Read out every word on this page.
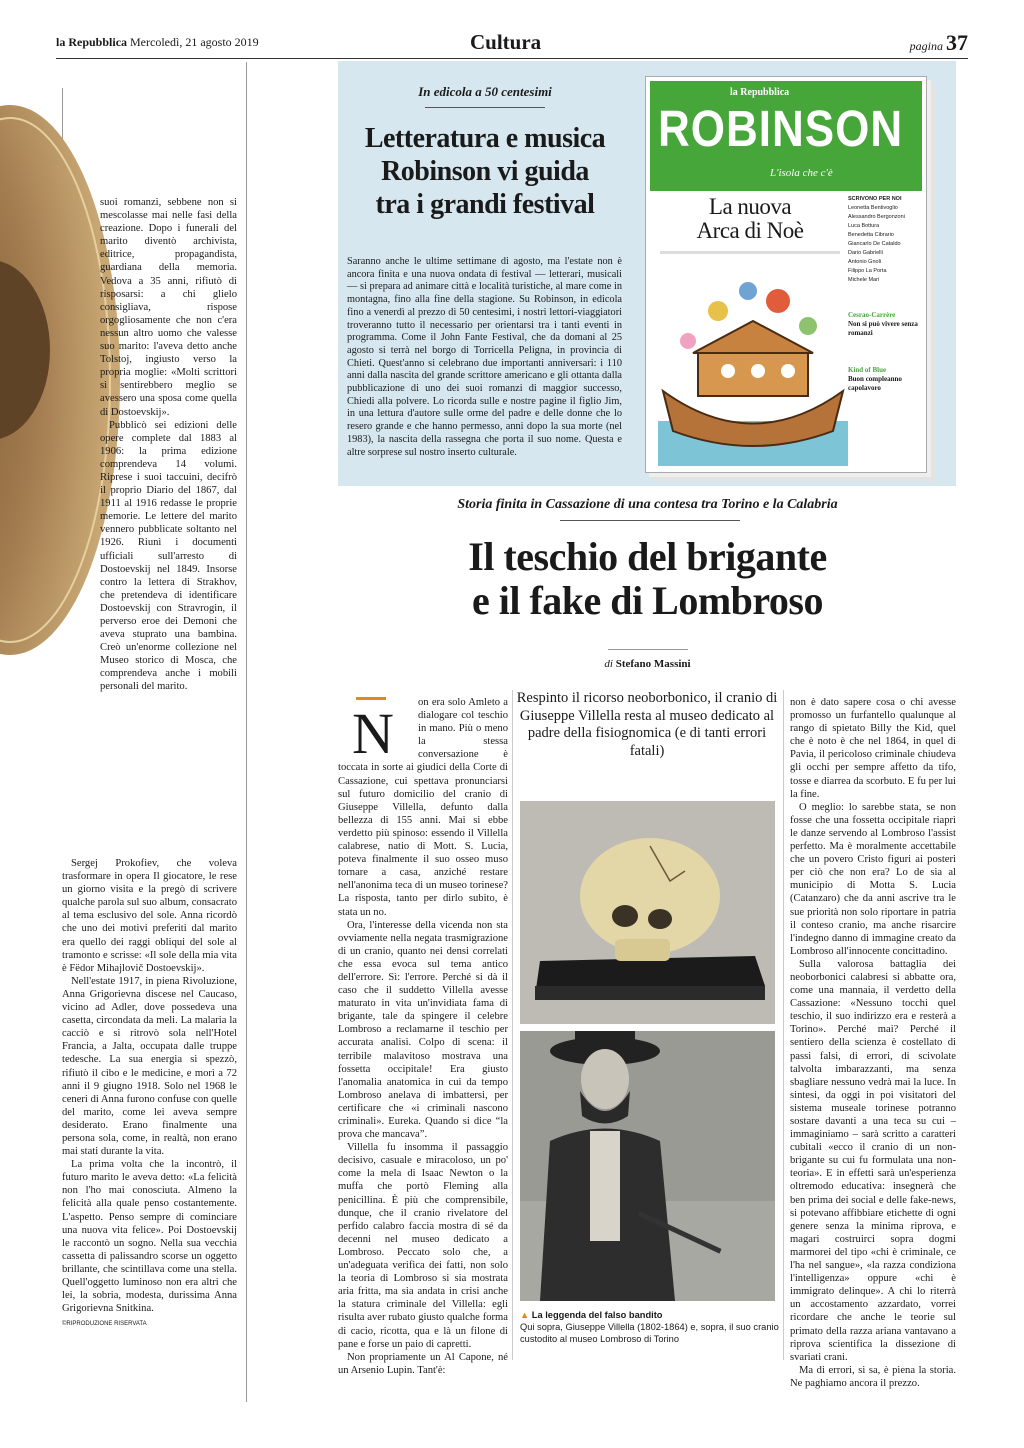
la Repubblica Mercoledì, 21 agosto 2019	Cultura	pagina 37

suoi romanzi, sebbene non si mescolasse mai nelle fasi della creazione. Dopo i funerali del marito diventò archivista, editrice, propagandista, guardiana della memoria. Vedova a 35 anni, rifiutò di risposarsi: a chi glielo consigliava, rispose orgogliosamente che non c'era nessun altro uomo che valesse suo marito: l'aveva detto anche Tolstoj, ingiusto verso la propria moglie: «Molti scrittori si sentirebbero meglio se avessero una sposa come quella di Dostoevskij».

Pubblicò sei edizioni delle opere complete dal 1883 al 1906: la prima edizione comprendeva 14 volumi. Riprese i suoi taccuini, decifrò il proprio Diario del 1867, dal 1911 al 1916 redasse le proprie memorie. Le lettere del marito vennero pubblicate soltanto nel 1926. Riunì i documenti ufficiali sull'arresto di Dostoevskij nel 1849. Insorse contro la lettera di Strakhov, che pretendeva di identificare Dostoevskij con Stravrogin, il perverso eroe dei Demoni che aveva stuprato una bambina. Creò un'enorme collezione nel Museo storico di Mosca, che comprendeva anche i mobili personali del marito.

Sergej Prokofiev, che voleva trasformare in opera Il giocatore, le rese un giorno visita e la pregò di scrivere qualche parola sul suo album, consacrato al tema esclusivo del sole. Anna ricordò che uno dei motivi preferiti dal marito era quello dei raggi obliqui del sole al tramonto e scrisse: «Il sole della mia vita è Fëdor Mihajlovič Dostoevskij».

Nell'estate 1917, in piena Rivoluzione, Anna Grigorievna discese nel Caucaso, vicino ad Adler, dove possedeva una casetta, circondata da meli. La malaria la cacciò e si ritrovò sola nell'Hotel Francia, a Jalta, occupata dalle truppe tedesche. La sua energia si spezzò, rifiutò il cibo e le medicine, e morì a 72 anni il 9 giugno 1918. Solo nel 1968 le ceneri di Anna furono confuse con quelle del marito, come lei aveva sempre desiderato. Erano finalmente una persona sola, come, in realtà, non erano mai stati durante la vita.

La prima volta che la incontrò, il futuro marito le aveva detto: «La felicità non l'ho mai conosciuta. Almeno la felicità alla quale penso costantemente. L'aspetto. Penso sempre di cominciare una nuova vita felice». Poi Dostoevskij le raccontò un sogno. Nella sua vecchia cassetta di palissandro scorse un oggetto brillante, che scintillava come una stella. Quell'oggetto luminoso non era altri che lei, la sobria, modesta, durissima Anna Grigorievna Snitkina.

©RIPRODUZIONE RISERVATA
In edicola a 50 centesimi
Letteratura e musica
Robinson vi guida
tra i grandi festival
Saranno anche le ultime settimane di agosto, ma l'estate non è ancora finita e una nuova ondata di festival — letterari, musicali — si prepara ad animare città e località turistiche, al mare come in montagna, fino alla fine della stagione. Su Robinson, in edicola fino a venerdì al prezzo di 50 centesimi, i nostri lettori-viaggiatori troveranno tutto il necessario per orientarsi tra i tanti eventi in programma. Come il John Fante Festival, che da domani al 25 agosto si terrà nel borgo di Torricella Peligna, in provincia di Chieti. Quest'anno si celebrano due importanti anniversari: i 110 anni dalla nascita del grande scrittore americano e gli ottanta dalla pubblicazione di uno dei suoi romanzi di maggior successo, Chiedi alla polvere. Lo ricorda sulle e nostre pagine il figlio Jim, in una lettura d'autore sulle orme del padre e delle donne che lo resero grande e che hanno permesso, anni dopo la sua morte (nel 1983), la nascita della rassegna che porta il suo nome. Questa e altre sorprese sul nostro inserto culturale.
la Repubblica
ROBINSON
L'isola che c'è
La nuova
Arca di Noè
SCRIVONO PER NOI
Leonetta Bentivoglio
Alessandro Bergonzoni
Luca Bottura
Benedetta Cibrario
Giancarlo De Cataldo
Dario Gabrielli
Antonio Gnoli
Filippo La Porta
Michele Mari
Cesrao-Carrère
Non si può vivere senza romanzi
Kind of Blue
Buon compleanno capolavoro
Storia finita in Cassazione di una contesa tra Torino e la Calabria
Il teschio del brigante
e il fake di Lombroso
di Stefano Massini
N	on era solo Amleto a dialogare col teschio in mano. Più o meno la stessa conversazione è toccata in sorte ai giudici della Corte di Cassazione, cui spettava pronunciarsi sul futuro domicilio del cranio di Giuseppe Villella, defunto dalla bellezza di 155 anni. Mai si ebbe verdetto più spinoso: essendo il Villella calabrese, natio di Mott. S. Lucia, poteva finalmente il suo osseo muso tornare a casa, anziché restare nell'anonima teca di un museo torinese? La risposta, tanto per dirlo subito, è stata un no.

Ora, l'interesse della vicenda non sta ovviamente nella negata trasmigrazione di un cranio, quanto nei densi correlati che essa evoca sul tema antico dell'errore. Sì: l'errore. Perché si dà il caso che il suddetto Villella avesse maturato in vita un'invidiata fama di brigante, tale da spingere il celebre Lombroso a reclamarne il teschio per accurata analisi. Colpo di scena: il terribile malavitoso mostrava una fossetta occipitale! Era giusto l'anomalia anatomica in cui da tempo Lombroso anelava di imbattersi, per certificare che «i criminali nascono criminali». Eureka. Quando si dice “la prova che mancava”.

Villella fu insomma il passaggio decisivo, casuale e miracoloso, un po' come la mela di Isaac Newton o la muffa che portò Fleming alla penicillina. È più che comprensibile, dunque, che il cranio rivelatore del perfido calabro faccia mostra di sé da decenni nel museo dedicato a Lombroso. Peccato solo che, a un'adeguata verifica dei fatti, non solo la teoria di Lombroso si sia mostrata aria fritta, ma sia andata in crisi anche la statura criminale del Villella: egli risulta aver rubato giusto qualche forma di cacio, ricotta, qua e là un filone di pane e forse un paio di capretti.

Non propriamente un Al Capone, né un Arsenio Lupin. Tant'è:

Respinto il ricorso neoborbonico, il cranio di Giuseppe Villella resta al museo dedicato al padre della fisiognomica (e di tanti errori fatali)
▲ La leggenda del falso bandito
Qui sopra, Giuseppe Villella (1802-1864) e, sopra, il suo cranio custodito al museo Lombroso di Torino

non è dato sapere cosa o chi avesse promosso un furfantello qualunque al rango di spietato Billy the Kid, quel che è noto è che nel 1864, in quel di Pavia, il pericoloso criminale chiudeva gli occhi per sempre affetto da tifo, tosse e diarrea da scorbuto. E fu per lui la fine.

O meglio: lo sarebbe stata, se non fosse che una fossetta occipitale riaprì le danze servendo al Lombroso l'assist perfetto. Ma è moralmente accettabile che un povero Cristo figuri ai posteri per ciò che non era? Lo de sia al municipio di Motta S. Lucia (Catanzaro) che da anni ascrive tra le sue priorità non solo riportare in patria il conteso cranio, ma anche risarcire l'indegno danno di immagine creato da Lombroso all'innocente concittadino.

Sulla valorosa battaglia dei neoborbonici calabresi si abbatte ora, come una mannaia, il verdetto della Cassazione: «Nessuno tocchi quel teschio, il suo indirizzo era e resterà a Torino». Perché mai? Perché il sentiero della scienza è costellato di passi falsi, di errori, di scivolate talvolta imbarazzanti, ma senza sbagliare nessuno vedrà mai la luce. In sintesi, da oggi in poi visitatori del sistema museale torinese potranno sostare davanti a una teca su cui – immaginiamo – sarà scritto a caratteri cubitali «ecco il cranio di un non-brigante su cui fu formulata una non-teoria». E in effetti sarà un'esperienza oltremodo educativa: insegnerà che ben prima dei social e delle fake-news, si potevano affibbiare etichette di ogni genere senza la minima riprova, e magari costruirci sopra dogmi marmorei del tipo «chi è criminale, ce l'ha nel sangue», «la razza condiziona l'intelligenza» oppure «chi è immigrato delinque». A chi lo riterrà un accostamento azzardato, vorrei ricordare che anche le teorie sul primato della razza ariana vantavano a riprova scientifica la dissezione di svariati crani.

Ma di errori, si sa, è piena la storia. Ne paghiamo ancora il prezzo.
